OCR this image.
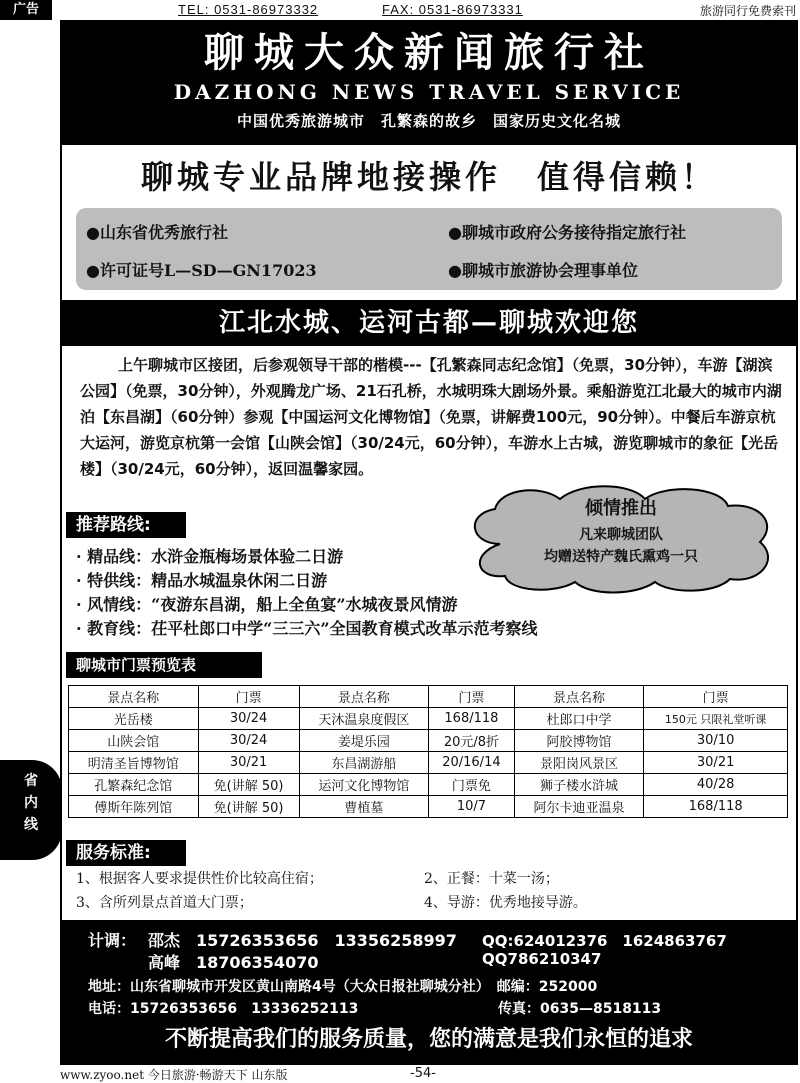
广告	TEL: 0531-86973332	FAX: 0531-86973331	旅游同行免费索刊
省
内
线
聊城大众新闻旅行社
DAZHONG NEWS TRAVEL SERVICE
中国优秀旅游城市　孔繁森的故乡　国家历史文化名城
聊城专业品牌地接操作　值得信赖！
●山东省优秀旅行社	●聊城市政府公务接待指定旅行社
●许可证号L—SD—GN17023	●聊城市旅游协会理事单位
江北水城、运河古都—聊城欢迎您
上午聊城市区接团，后参观领导干部的楷模---【孔繁森同志纪念馆】（免票，30分钟），车游【湖滨公园】（免票，30分钟），外观腾龙广场、21石孔桥，水城明珠大剧场外景。乘船游览江北最大的城市内湖泊【东昌湖】（60分钟）参观【中国运河文化博物馆】（免票，讲解费100元，90分钟）。中餐后车游京杭大运河，游览京杭第一会馆【山陕会馆】（30/24元，60分钟），车游水上古城，游览聊城市的象征【光岳楼】（30/24元，60分钟），返回温馨家园。
倾情推出
凡来聊城团队
均赠送特产魏氏熏鸡一只
推荐路线:
· 精品线：水浒金瓶梅场景体验二日游
· 特供线：精品水城温泉休闲二日游
· 风情线：“夜游东昌湖，船上全鱼宴”水城夜景风情游
· 教育线：茌平杜郎口中学“三三六”全国教育模式改革示范考察线
聊城市门票预览表
景点名称	门票	景点名称	门票	景点名称	门票
光岳楼	30/24	天沐温泉度假区	168/118	杜郎口中学	150元 只限礼堂听课
山陕会馆	30/24	姜堤乐园	20元/8折	阿胶博物馆	30/10
明清圣旨博物馆	30/21	东昌湖游船	20/16/14	景阳岗风景区	30/21
孔繁森纪念馆	免(讲解 50)	运河文化博物馆	门票免	狮子楼水浒城	40/28
傅斯年陈列馆	免(讲解 50)	曹植墓	10/7	阿尔卡迪亚温泉	168/118
服务标准:
1、根据客人要求提供性价比较高住宿；	2、正餐：十菜一汤；
3、含所列景点首道大门票；	4、导游：优秀地接导游。
计调： 邵杰　15726353656　13356258997
高峰　18706354070
QQ:624012376　1624863767
QQ786210347
地址：山东省聊城市开发区黄山南路4号（大众日报社聊城分社）　邮编：252000
电话：15726353656　13336252113	传真：0635—8518113
不断提高我们的服务质量，您的满意是我们永恒的追求
www.zyoo.net 今日旅游·畅游天下 山东版	-54-
